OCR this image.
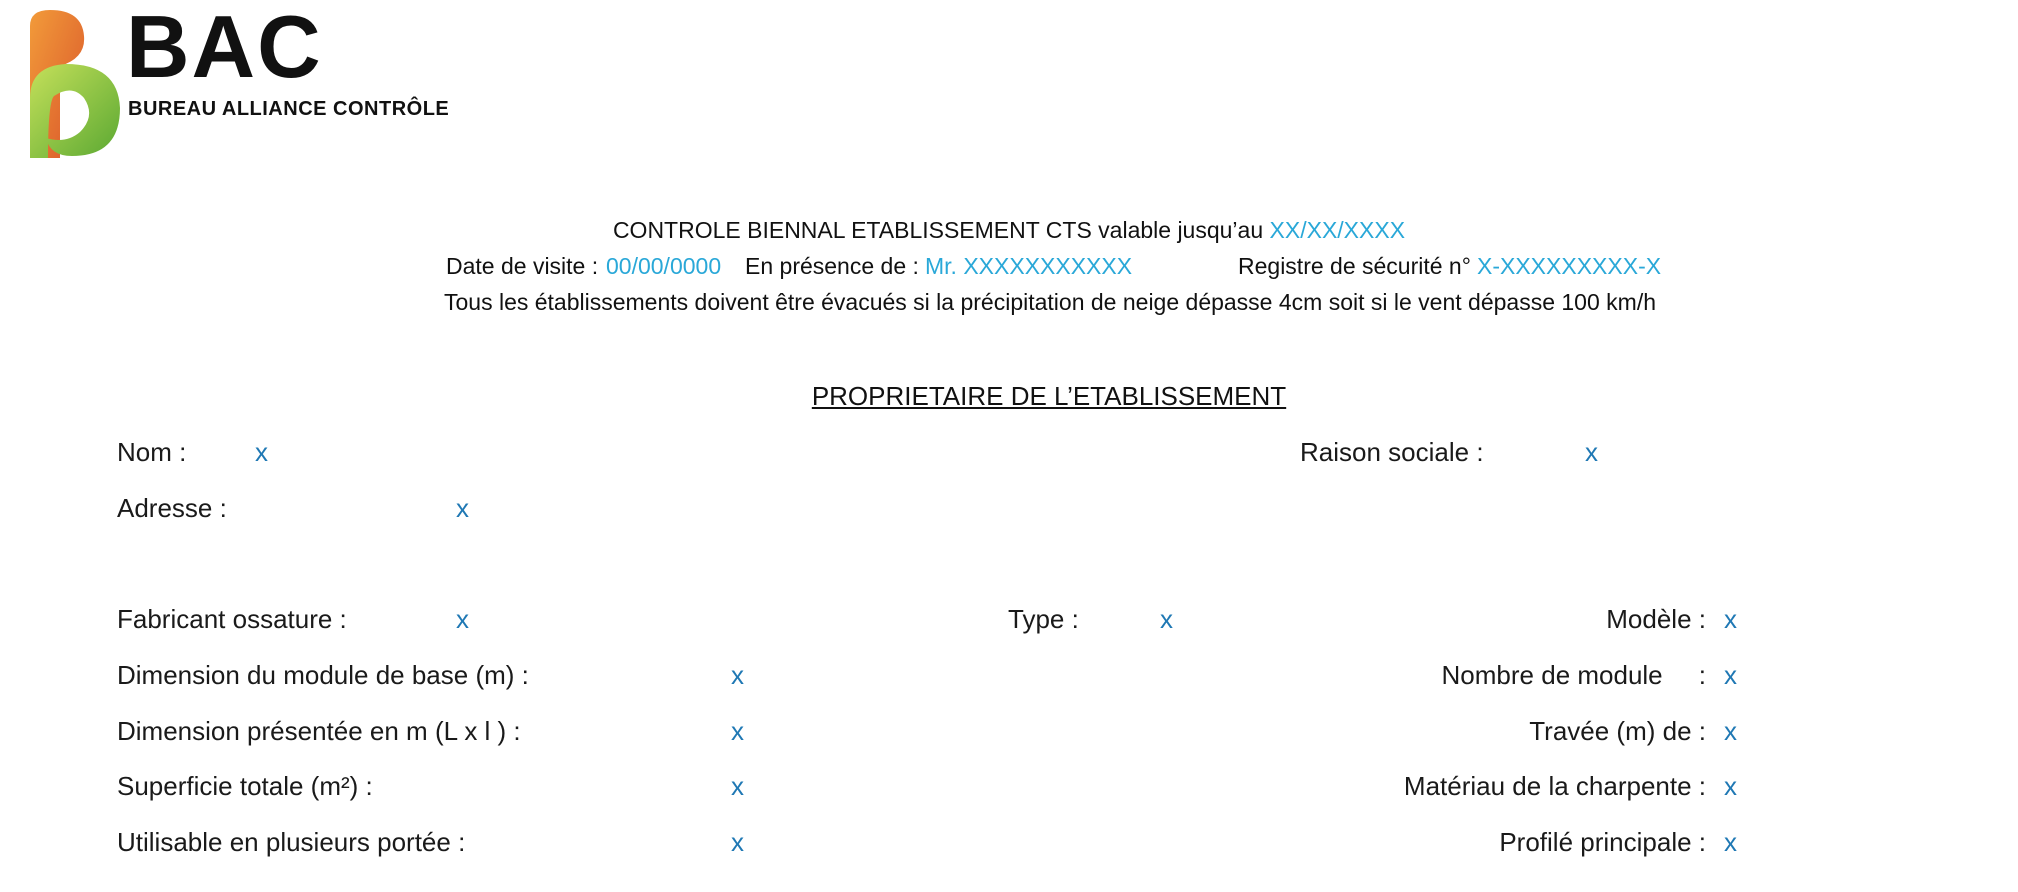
BAC
BUREAU ALLIANCE CONTRÔLE
CONTROLE BIENNAL ETABLISSEMENT CTS valable jusqu’au XX/XX/XXXX
Date de visite : 00/00/0000 En présence de : Mr. XXXXXXXXXXX	Registre de sécurité n° X-XXXXXXXXX-X
Tous les établissements doivent être évacués si la précipitation de neige dépasse 4cm soit si le vent dépasse 100 km/h
PROPRIETAIRE DE L’ETABLISSEMENT
Nom :	x	Raison sociale :	x
Adresse :	x
Fabricant ossature :	x	Type :	x	Modèle : x
Dimension du module de base (m) :	x	Nombre de module     : x
Dimension présentée en m (L x l ) :	x	Travée (m) de : x
Superficie totale (m²) :	x	Matériau de la charpente : x
Utilisable en plusieurs portée :	x	Profilé principale : x
